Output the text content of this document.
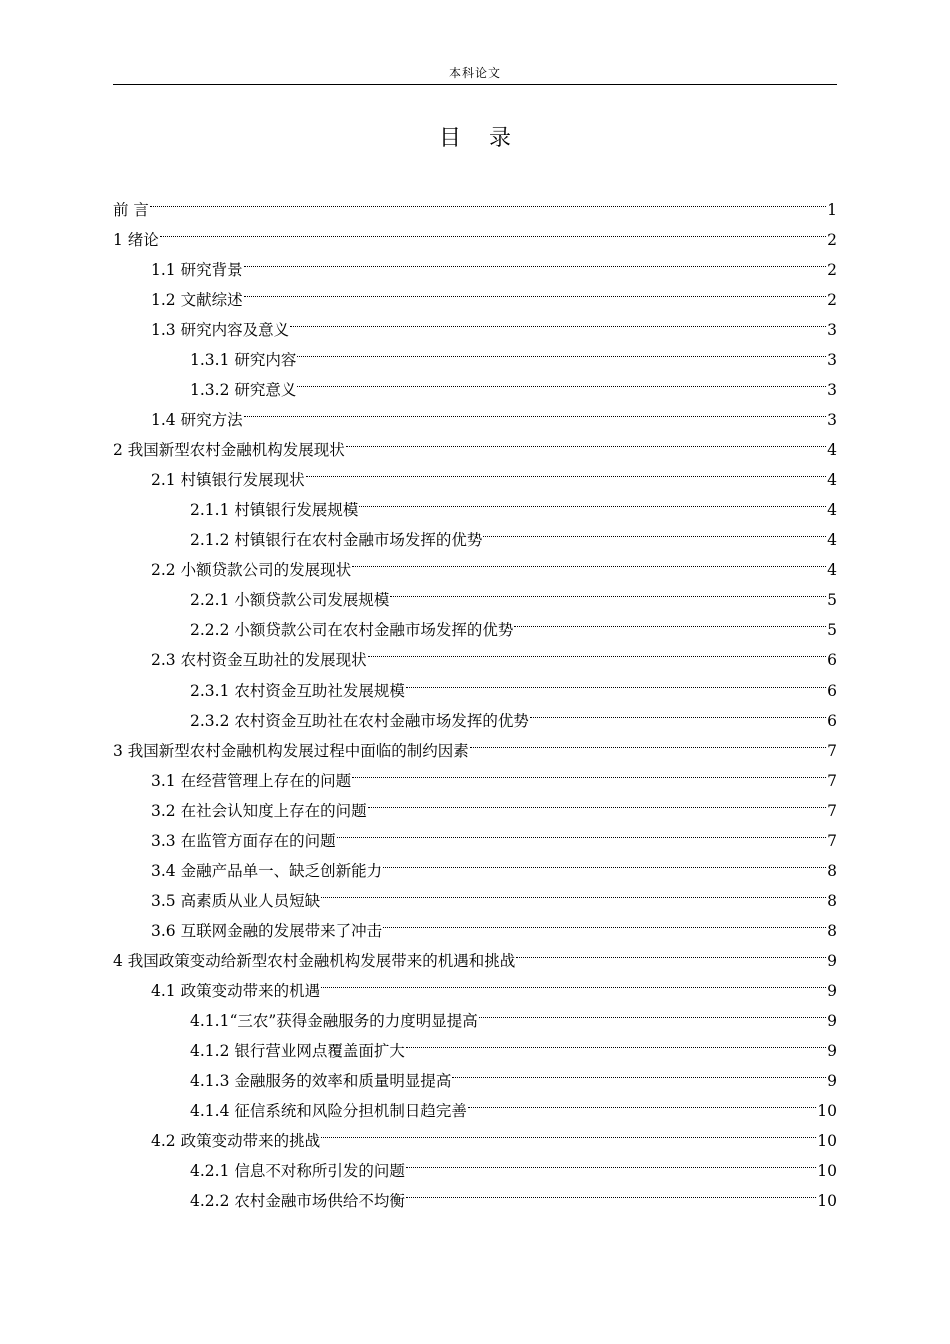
本科论文
目录
前 言	1
1 绪论	2
1.1 研究背景	2
1.2 文献综述	2
1.3 研究内容及意义	3
1.3.1 研究内容	3
1.3.2 研究意义	3
1.4 研究方法	3
2 我国新型农村金融机构发展现状	4
2.1 村镇银行发展现状	4
2.1.1 村镇银行发展规模	4
2.1.2 村镇银行在农村金融市场发挥的优势	4
2.2 小额贷款公司的发展现状	4
2.2.1 小额贷款公司发展规模	5
2.2.2 小额贷款公司在农村金融市场发挥的优势	5
2.3 农村资金互助社的发展现状	6
2.3.1 农村资金互助社发展规模	6
2.3.2 农村资金互助社在农村金融市场发挥的优势	6
3 我国新型农村金融机构发展过程中面临的制约因素	7
3.1 在经营管理上存在的问题	7
3.2 在社会认知度上存在的问题	7
3.3 在监管方面存在的问题	7
3.4 金融产品单一、缺乏创新能力	8
3.5 高素质从业人员短缺	8
3.6 互联网金融的发展带来了冲击	8
4 我国政策变动给新型农村金融机构发展带来的机遇和挑战	9
4.1 政策变动带来的机遇	9
4.1.1“三农”获得金融服务的力度明显提高	9
4.1.2 银行营业网点覆盖面扩大	9
4.1.3 金融服务的效率和质量明显提高	9
4.1.4 征信系统和风险分担机制日趋完善	10
4.2 政策变动带来的挑战	10
4.2.1 信息不对称所引发的问题	10
4.2.2 农村金融市场供给不均衡	10
